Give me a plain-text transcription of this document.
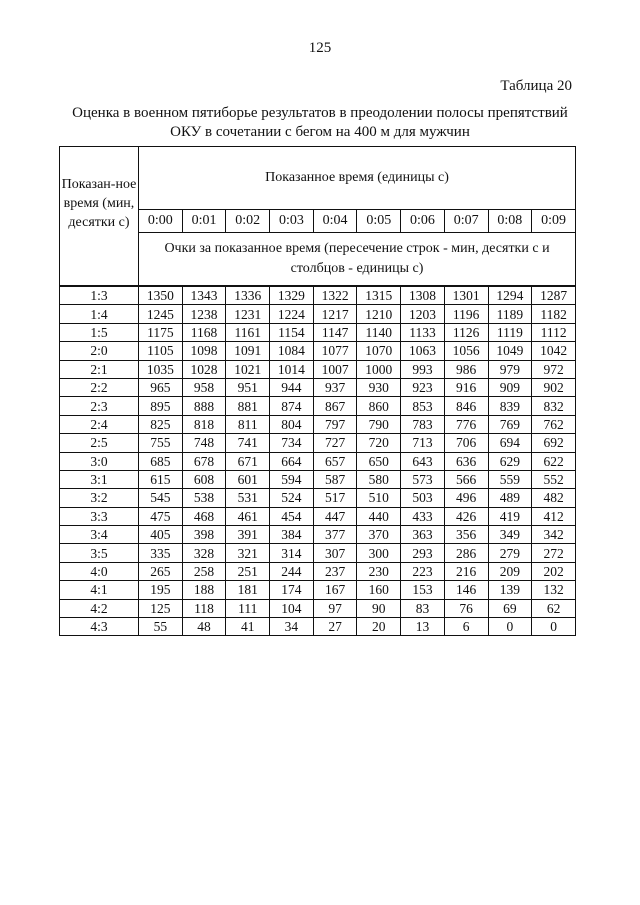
125
Таблица 20
Оценка в военном пятиборье результатов в преодолении полосы препятствий
ОКУ в сочетании с бегом на 400 м для мужчин
Показан-ное время (мин, десятки с)	Показанное время (единицы с)									
	0:00	0:01	0:02	0:03	0:04	0:05	0:06	0:07	0:08	0:09
	Очки за показанное время (пересечение строк - мин, десятки с и столбцов - единицы с)									
1:3	1350	1343	1336	1329	1322	1315	1308	1301	1294	1287
1:4	1245	1238	1231	1224	1217	1210	1203	1196	1189	1182
1:5	1175	1168	1161	1154	1147	1140	1133	1126	1119	1112
2:0	1105	1098	1091	1084	1077	1070	1063	1056	1049	1042
2:1	1035	1028	1021	1014	1007	1000	993	986	979	972
2:2	965	958	951	944	937	930	923	916	909	902
2:3	895	888	881	874	867	860	853	846	839	832
2:4	825	818	811	804	797	790	783	776	769	762
2:5	755	748	741	734	727	720	713	706	694	692
3:0	685	678	671	664	657	650	643	636	629	622
3:1	615	608	601	594	587	580	573	566	559	552
3:2	545	538	531	524	517	510	503	496	489	482
3:3	475	468	461	454	447	440	433	426	419	412
3:4	405	398	391	384	377	370	363	356	349	342
3:5	335	328	321	314	307	300	293	286	279	272
4:0	265	258	251	244	237	230	223	216	209	202
4:1	195	188	181	174	167	160	153	146	139	132
4:2	125	118	111	104	97	90	83	76	69	62
4:3	55	48	41	34	27	20	13	6	0	0
